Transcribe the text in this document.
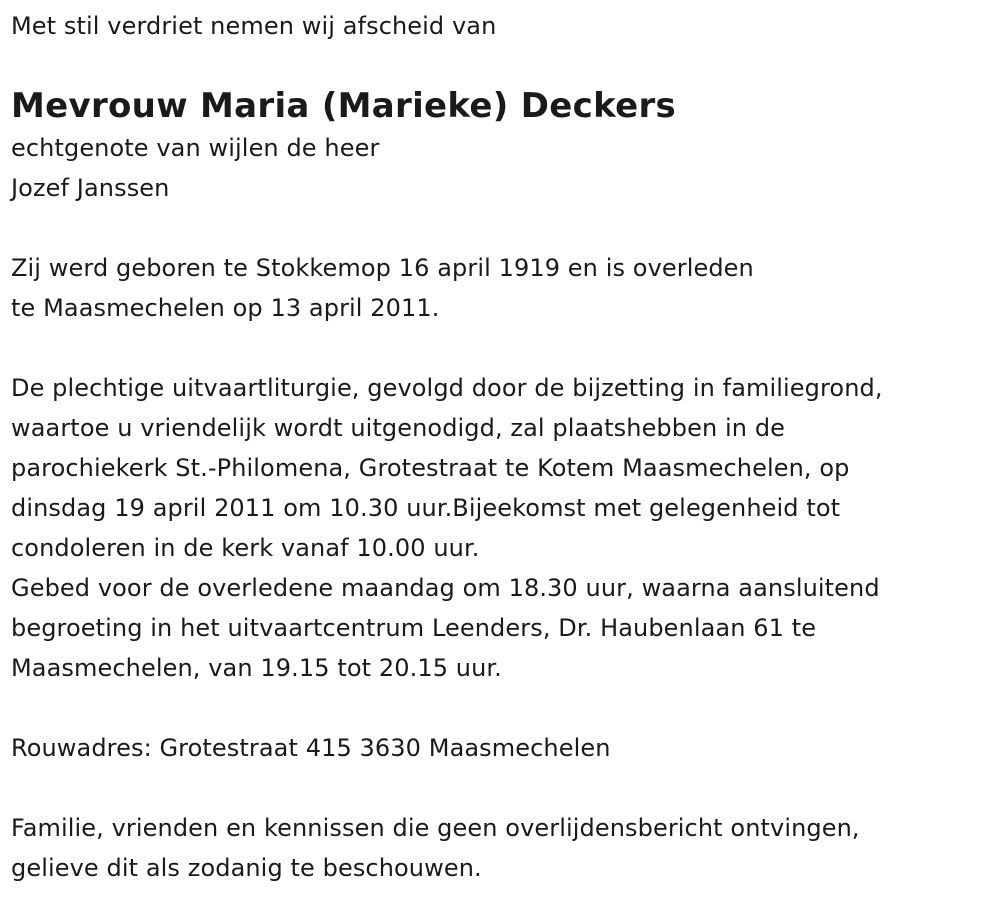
Met stil verdriet nemen wij afscheid van
Mevrouw Maria (Marieke) Deckers
echtgenote van wijlen de heer
Jozef Janssen
Zij werd geboren te Stokkemop 16 april 1919 en is overleden
te Maasmechelen op 13 april 2011.
De plechtige uitvaartliturgie, gevolgd door de bijzetting in familiegrond,
waartoe u vriendelijk wordt uitgenodigd, zal plaatshebben in de
parochiekerk St.-Philomena, Grotestraat te Kotem Maasmechelen, op
dinsdag 19 april 2011 om 10.30 uur.Bijeekomst met gelegenheid tot
condoleren in de kerk vanaf 10.00 uur.
Gebed voor de overledene maandag om 18.30 uur, waarna aansluitend
begroeting in het uitvaartcentrum Leenders, Dr. Haubenlaan 61 te
Maasmechelen, van 19.15 tot 20.15 uur.
Rouwadres: Grotestraat 415 3630 Maasmechelen
Familie, vrienden en kennissen die geen overlijdensbericht ontvingen,
gelieve dit als zodanig te beschouwen.
